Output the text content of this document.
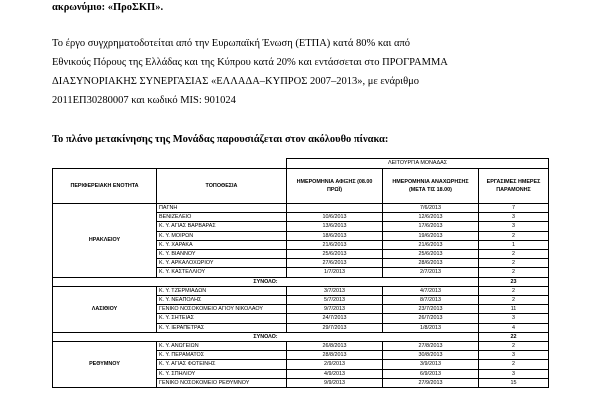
ακρωνύμιο: «ΠροΣΚΠ».
Το έργο συγχρηματοδοτείται από την Ευρωπαϊκή Ένωση (ΕΤΠΑ) κατά 80% και από
Εθνικούς Πόρους της Ελλάδας και της Κύπρου κατά 20% και εντάσσεται στο ΠΡΟΓΡΑΜΜΑ
ΔΙΑΣΥΝΟΡΙΑΚΗΣ ΣΥΝΕΡΓΑΣΙΑΣ «ΕΛΛΑΔΑ–ΚΥΠΡΟΣ 2007–2013», με ενάριθμο
2011ΕΠ30280007 και κωδικό MIS: 901024
Το πλάνο μετακίνησης της Μονάδας παρουσιάζεται στον ακόλουθο πίνακα:
		ΛΕΙΤΟΥΡΓΙΑ ΜΟΝΑΔΑΣ		
ΠΕΡΙΦΕΡΕΙΑΚΗ ΕΝΟΤΗΤΑ	ΤΟΠΟΘΕΣΙΑ	ΗΜΕΡΟΜΗΝΙΑ ΑΦΙΞΗΣ (08.00 ΠΡΩΪ)	ΗΜΕΡΟΜΗΝΙΑ ΑΝΑΧΩΡΗΣΗΣ (ΜΕΤΑ ΤΙΣ 18.00)	ΕΡΓΑΣΙΜΕΣ ΗΜΕΡΕΣ ΠΑΡΑΜΟΝΗΣ
ΗΡΑΚΛΕΙΟΥ	ΠΑΓΝΗ		7/6/2013	7
	ΒΕΝΙΖΕΛΕΙΟ	10/6/2013	12/6/2013	3
	Κ. Υ. ΑΓΙΑΣ ΒΑΡΒΑΡΑΣ	13/6/2013	17/6/2013	3
	Κ. Υ. ΜΟΙΡΩΝ	18/6/2013	19/6/2013	2
	Κ. Υ. ΧΑΡΑΚΑ	21/6/2013	21/6/2013	1
	Κ. Υ. ΒΙΑΝΝΟΥ	25/6/2013	25/6/2013	2
	Κ. Υ. ΑΡΚΑΛΟΧΩΡΙΟΥ	27/6/2013	28/6/2013	2
	Κ. Υ. ΚΑΣΤΕΛΛΙΟΥ	1/7/2013	2/7/2013	2
ΣΥΝΟΛΟ:				23
ΛΑΣΙΘΙΟΥ	Κ. Υ. ΤΖΕΡΜΙΑΔΩΝ	3/7/2013	4/7/2013	2
	Κ. Υ. ΝΕΑΠΟΛΗΣ	5/7/2013	8/7/2013	2
	ΓΕΝΙΚΟ ΝΟΣΟΚΟΜΕΙΟ ΑΓΙΟΥ ΝΙΚΟΛΑΟΥ	9/7/2013	23/7/2013	11
	Κ. Υ. ΣΗΤΕΙΑΣ	24/7/2013	26/7/2013	3
	Κ. Υ. ΙΕΡΑΠΕΤΡΑΣ	29/7/2013	1/8/2013	4
ΣΥΝΟΛΟ:				22
ΡΕΘΥΜΝΟΥ	Κ. Υ. ΑΝΩΓΕΙΩΝ	26/8/2013	27/8/2013	2
	Κ. Υ. ΠΕΡΑΜΑΤΟΣ	28/8/2013	30/8/2013	3
	Κ. Υ. ΑΓΙΑΣ ΦΩΤΕΙΝΗΣ	2/9/2013	3/9/2013	2
	Κ. Υ. ΣΠΗΛΙΟΥ	4/9/2013	6/9/2013	3
	ΓΕΝΙΚΟ ΝΟΣΟΚΟΜΕΙΟ ΡΕΘΥΜΝΟΥ	9/9/2013	27/9/2013	15
